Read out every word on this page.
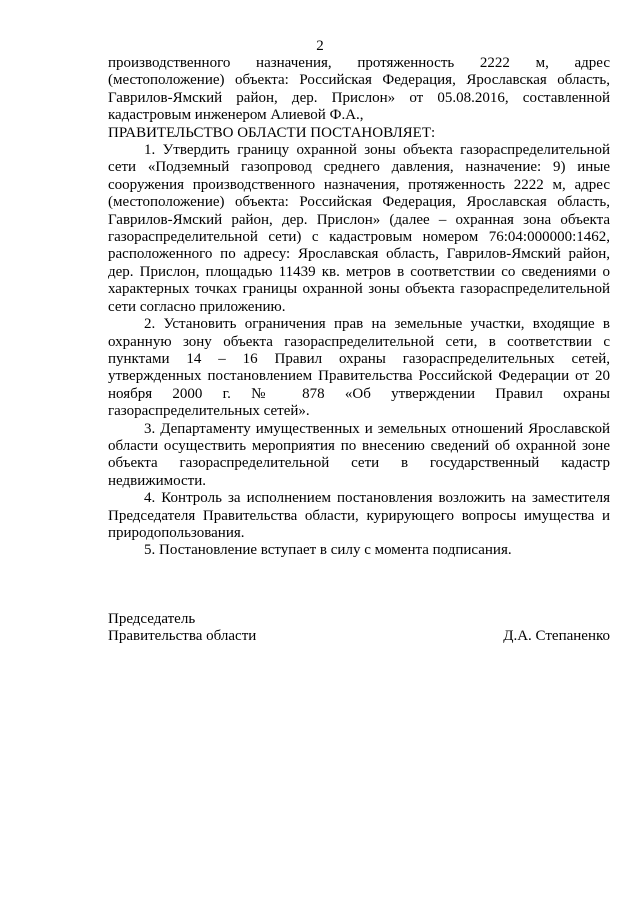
2

производственного назначения, протяженность 2222 м, адрес (местоположение) объекта: Российская Федерация, Ярославская область, Гаврилов-Ямский район, дер. Прислон» от 05.08.2016, составленной кадастровым инженером Алиевой Ф.А.,

ПРАВИТЕЛЬСТВО ОБЛАСТИ ПОСТАНОВЛЯЕТ:

1. Утвердить границу охранной зоны объекта газораспределительной сети «Подземный газопровод среднего давления, назначение: 9) иные сооружения производственного назначения, протяженность 2222 м, адрес (местоположение) объекта: Российская Федерация, Ярославская область, Гаврилов-Ямский район, дер. Прислон» (далее – охранная зона объекта газораспределительной сети) с кадастровым номером 76:04:000000:1462, расположенного по адресу: Ярославская область, Гаврилов-Ямский район, дер. Прислон, площадью 11439 кв. метров в соответствии со сведениями о характерных точках границы охранной зоны объекта газораспределительной сети согласно приложению.

2. Установить ограничения прав на земельные участки, входящие в охранную зону объекта газораспределительной сети, в соответствии с пунктами 14 – 16 Правил охраны газораспределительных сетей, утвержденных постановлением Правительства Российской Федерации от 20 ноября 2000 г. № 878 «Об утверждении Правил охраны газораспределительных сетей».

3. Департаменту имущественных и земельных отношений Ярославской области осуществить мероприятия по внесению сведений об охранной зоне объекта газораспределительной сети в государственный кадастр недвижимости.

4. Контроль за исполнением постановления возложить на заместителя Председателя Правительства области, курирующего вопросы имущества и природопользования.

5. Постановление вступает в силу с момента подписания.

Председатель
Правительства области	Д.А. Степаненко
